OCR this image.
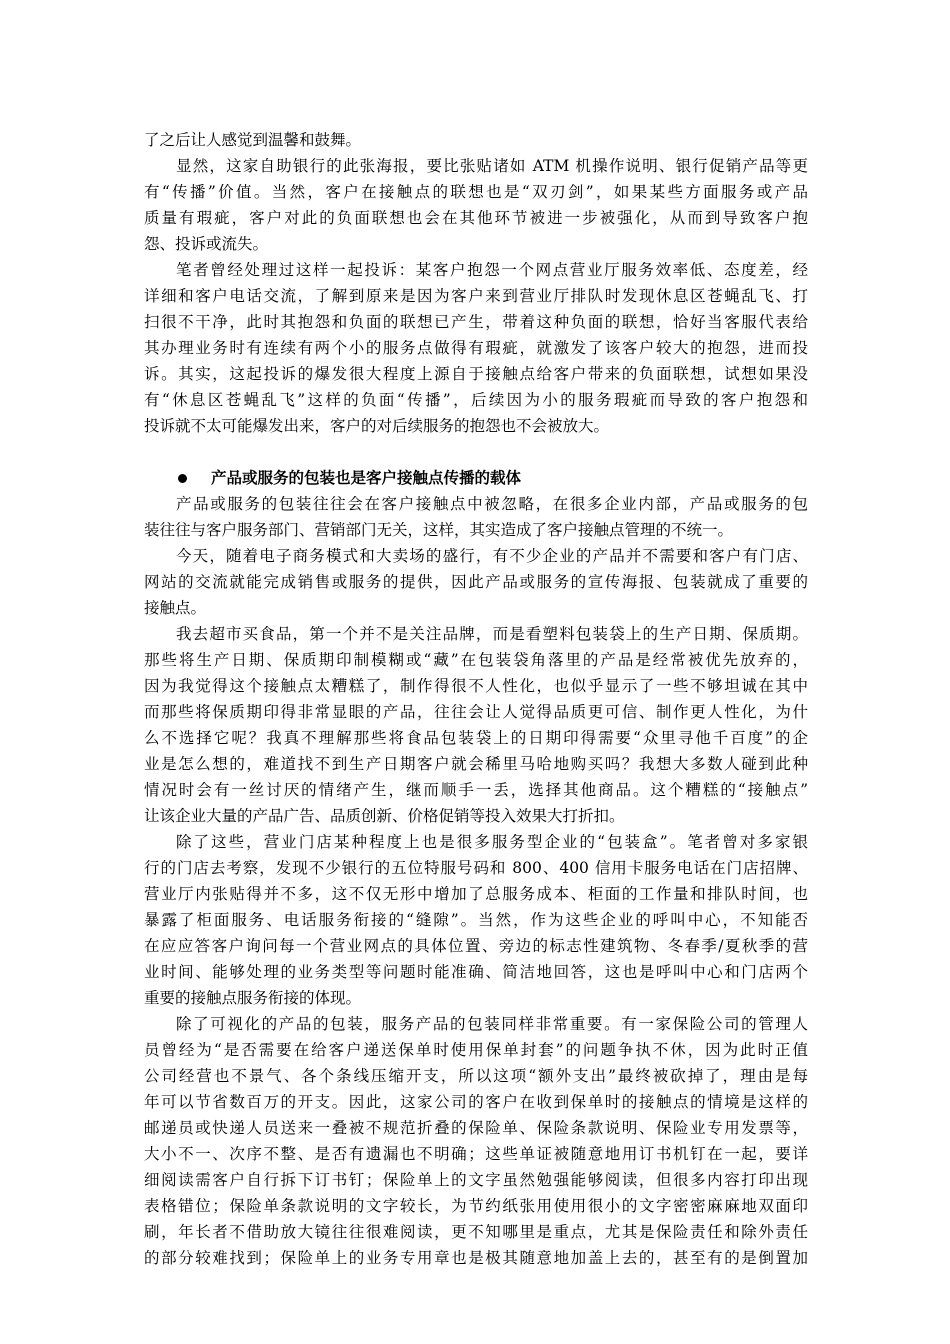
了之后让人感觉到温馨和鼓舞。
显然，这家自助银行的此张海报，要比张贴诸如 ATM 机操作说明、银行促销产品等更
有“传播”价值。当然，客户在接触点的联想也是“双刃剑”，如果某些方面服务或产品
质量有瑕疵，客户对此的负面联想也会在其他环节被进一步被强化，从而到导致客户抱
怨、投诉或流失。
笔者曾经处理过这样一起投诉：某客户抱怨一个网点营业厅服务效率低、态度差，经
详细和客户电话交流，了解到原来是因为客户来到营业厅排队时发现休息区苍蝇乱飞、打
扫很不干净，此时其抱怨和负面的联想已产生，带着这种负面的联想，恰好当客服代表给
其办理业务时有连续有两个小的服务点做得有瑕疵，就激发了该客户较大的抱怨，进而投
诉。其实，这起投诉的爆发很大程度上源自于接触点给客户带来的负面联想，试想如果没
有“休息区苍蝇乱飞”这样的负面“传播”，后续因为小的服务瑕疵而导致的客户抱怨和
投诉就不太可能爆发出来，客户的对后续服务的抱怨也不会被放大。
产品或服务的包装也是客户接触点传播的载体
产品或服务的包装往往会在客户接触点中被忽略，在很多企业内部，产品或服务的包
装往往与客户服务部门、营销部门无关，这样，其实造成了客户接触点管理的不统一。
今天，随着电子商务模式和大卖场的盛行，有不少企业的产品并不需要和客户有门店、
网站的交流就能完成销售或服务的提供，因此产品或服务的宣传海报、包装就成了重要的
接触点。
我去超市买食品，第一个并不是关注品牌，而是看塑料包装袋上的生产日期、保质期。
那些将生产日期、保质期印制模糊或“藏”在包装袋角落里的产品是经常被优先放弃的，
因为我觉得这个接触点太糟糕了，制作得很不人性化，也似乎显示了一些不够坦诚在其中
而那些将保质期印得非常显眼的产品，往往会让人觉得品质更可信、制作更人性化，为什
么不选择它呢？我真不理解那些将食品包装袋上的日期印得需要“众里寻他千百度”的企
业是怎么想的，难道找不到生产日期客户就会稀里马哈地购买吗？我想大多数人碰到此种
情况时会有一丝讨厌的情绪产生，继而顺手一丢，选择其他商品。这个糟糕的“接触点”
让该企业大量的产品广告、品质创新、价格促销等投入效果大打折扣。
除了这些，营业门店某种程度上也是很多服务型企业的“包装盒”。笔者曾对多家银
行的门店去考察，发现不少银行的五位特服号码和 800、400 信用卡服务电话在门店招牌、
营业厅内张贴得并不多，这不仅无形中增加了总服务成本、柜面的工作量和排队时间，也
暴露了柜面服务、电话服务衔接的“缝隙”。当然，作为这些企业的呼叫中心，不知能否
在应应答客户询问每一个营业网点的具体位置、旁边的标志性建筑物、冬春季/夏秋季的营
业时间、能够处理的业务类型等问题时能准确、简洁地回答，这也是呼叫中心和门店两个
重要的接触点服务衔接的体现。
除了可视化的产品的包装，服务产品的包装同样非常重要。有一家保险公司的管理人
员曾经为“是否需要在给客户递送保单时使用保单封套”的问题争执不休，因为此时正值
公司经营也不景气、各个条线压缩开支，所以这项“额外支出”最终被砍掉了，理由是每
年可以节省数百万的开支。因此，这家公司的客户在收到保单时的接触点的情境是这样的
邮递员或快递人员送来一叠被不规范折叠的保险单、保险条款说明、保险业专用发票等，
大小不一、次序不整、是否有遗漏也不明确；这些单证被随意地用订书机钉在一起，要详
细阅读需客户自行拆下订书钉；保险单上的文字虽然勉强能够阅读，但很多内容打印出现
表格错位；保险单条款说明的文字较长，为节约纸张用使用很小的文字密密麻麻地双面印
刷，年长者不借助放大镜往往很难阅读，更不知哪里是重点，尤其是保险责任和除外责任
的部分较难找到；保险单上的业务专用章也是极其随意地加盖上去的，甚至有的是倒置加
